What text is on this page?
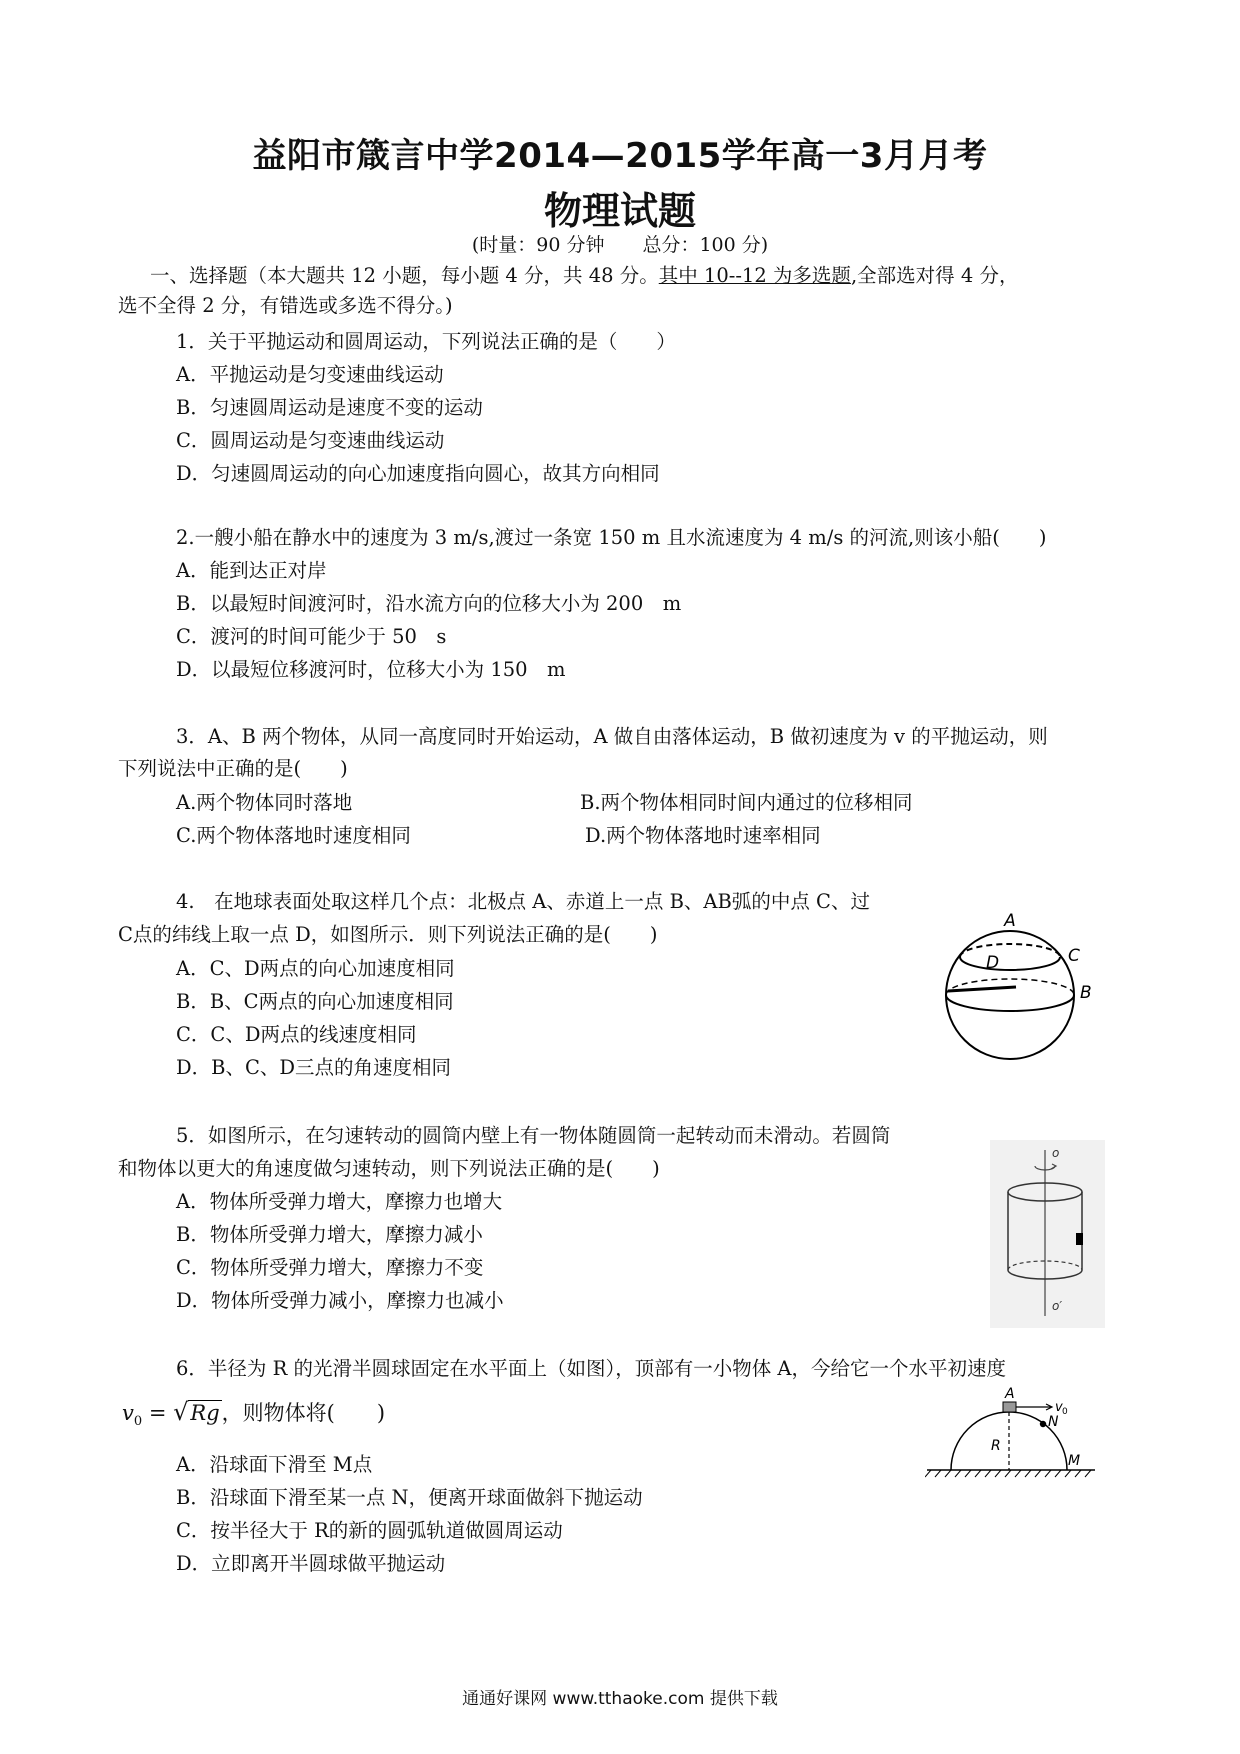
益阳市箴言中学2014—2015学年高一3月月考
物理试题
(时量：90 分钟　　总分：100 分)
一、选择题（本大题共 12 小题，每小题 4 分，共 48 分。其中 10--12 为多选题,全部选对得 4 分，
选不全得 2 分，有错选或多选不得分。)
1．关于平抛运动和圆周运动，下列说法正确的是（　　）
A．平抛运动是匀变速曲线运动
B．匀速圆周运动是速度不变的运动
C．圆周运动是匀变速曲线运动
D．匀速圆周运动的向心加速度指向圆心，故其方向相同
2.一艘小船在静水中的速度为 3 m/s,渡过一条宽 150 m 且水流速度为 4 m/s 的河流,则该小船(　　)
A．能到达正对岸
B．以最短时间渡河时，沿水流方向的位移大小为 200　m
C．渡河的时间可能少于 50　s
D．以最短位移渡河时，位移大小为 150　m
3．A、B 两个物体，从同一高度同时开始运动，A 做自由落体运动，B 做初速度为 v 的平抛运动，则
下列说法中正确的是(　　)
A.两个物体同时落地	B.两个物体相同时间内通过的位移相同
C.两个物体落地时速度相同	D.两个物体落地时速率相同
4.　在地球表面处取这样几个点：北极点 A、赤道上一点 B、AB弧的中点 C、过
C点的纬线上取一点 D，如图所示．则下列说法正确的是(　　)
A．C、D两点的向心加速度相同
B．B、C两点的向心加速度相同
C．C、D两点的线速度相同
D．B、C、D三点的角速度相同
A
C
B
D
5．如图所示，在匀速转动的圆筒内壁上有一物体随圆筒一起转动而未滑动。若圆筒
和物体以更大的角速度做匀速转动，则下列说法正确的是(　　)
A．物体所受弹力增大，摩擦力也增大
B．物体所受弹力增大，摩擦力减小
C．物体所受弹力增大，摩擦力不变
D．物体所受弹力减小，摩擦力也减小
o
o′
6．半径为 R 的光滑半圆球固定在水平面上（如图），顶部有一小物体 A，今给它一个水平初速度
$v_0 = √Rg$，则物体将(　　)
A．沿球面下滑至 M点
B．沿球面下滑至某一点 N，便离开球面做斜下抛运动
C．按半径大于 R的新的圆弧轨道做圆周运动
D．立即离开半圆球做平抛运动
A
v 0
N
R
M
通通好课网 www.tthaoke.com 提供下载
